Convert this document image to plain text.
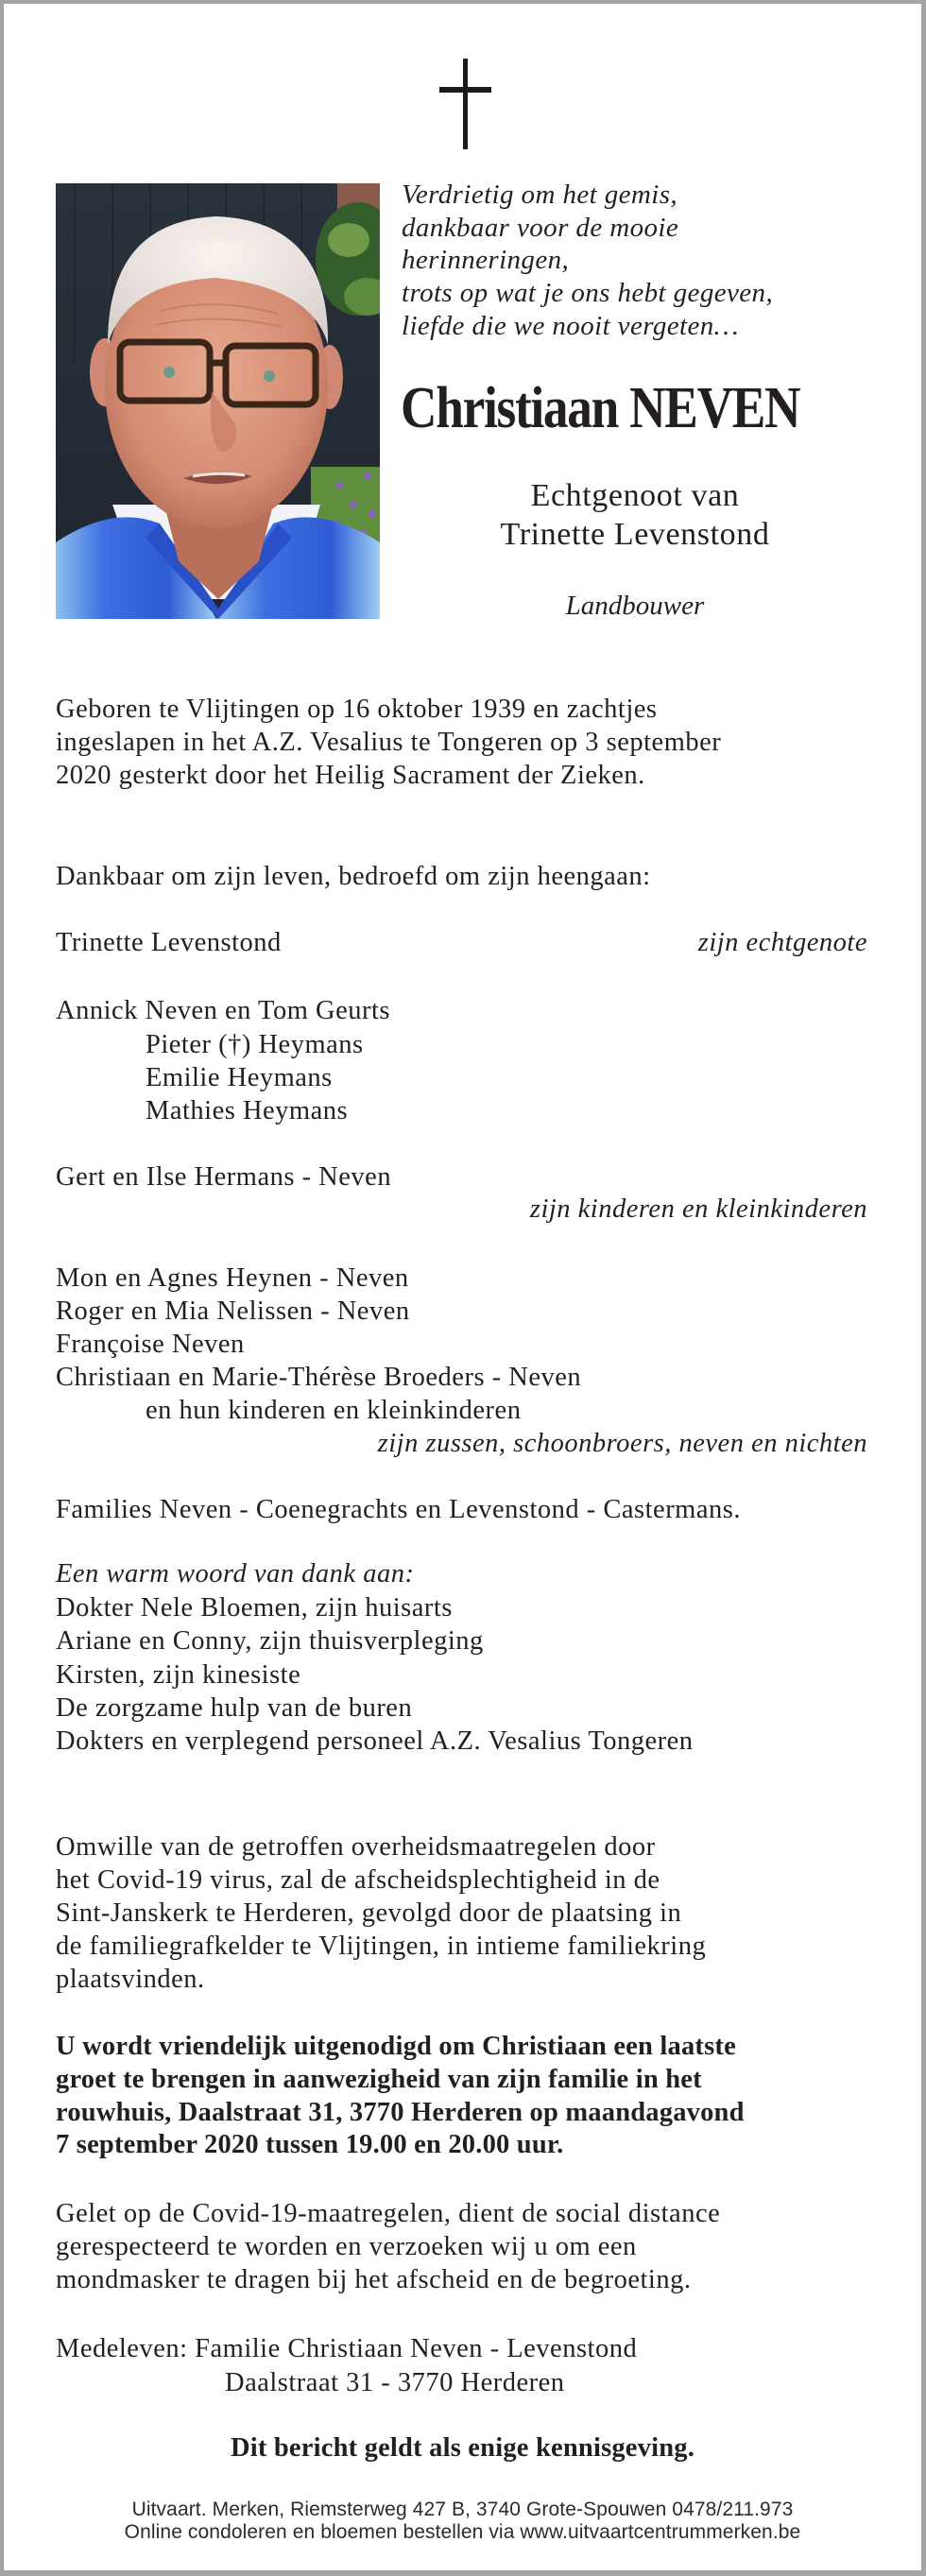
Verdrietig om het gemis,
dankbaar voor de mooie
herinneringen,
trots op wat je ons hebt gegeven,
liefde die we nooit vergeten…
Christiaan NEVEN
Echtgenoot van
Trinette Levenstond
Landbouwer
Geboren te Vlijtingen op 16 oktober 1939 en zachtjes
ingeslapen in het A.Z. Vesalius te Tongeren op 3 september
2020 gesterkt door het Heilig Sacrament der Zieken.
Dankbaar om zijn leven, bedroefd om zijn heengaan:
Trinette Levenstond	zijn echtgenote
Annick Neven en Tom Geurts
Pieter (†) Heymans
Emilie Heymans
Mathies Heymans
Gert en Ilse Hermans - Neven
zijn kinderen en kleinkinderen
Mon en Agnes Heynen - Neven
Roger en Mia Nelissen - Neven
Françoise Neven
Christiaan en Marie-Thérèse Broeders - Neven
en hun kinderen en kleinkinderen
zijn zussen, schoonbroers, neven en nichten
Families Neven - Coenegrachts en Levenstond - Castermans.
Een warm woord van dank aan:
Dokter Nele Bloemen, zijn huisarts
Ariane en Conny, zijn thuisverpleging
Kirsten, zijn kinesiste
De zorgzame hulp van de buren
Dokters en verplegend personeel A.Z. Vesalius Tongeren
Omwille van de getroffen overheidsmaatregelen door
het Covid-19 virus, zal de afscheidsplechtigheid in de
Sint-Janskerk te Herderen, gevolgd door de plaatsing in
de familiegrafkelder te Vlijtingen, in intieme familiekring
plaatsvinden.
U wordt vriendelijk uitgenodigd om Christiaan een laatste
groet te brengen in aanwezigheid van zijn familie in het
rouwhuis, Daalstraat 31, 3770 Herderen op maandagavond
7 september 2020 tussen 19.00 en 20.00 uur.
Gelet op de Covid-19-maatregelen, dient de social distance
gerespecteerd te worden en verzoeken wij u om een
mondmasker te dragen bij het afscheid en de begroeting.
Medeleven: Familie Christiaan Neven - Levenstond
Daalstraat 31 - 3770 Herderen
Dit bericht geldt als enige kennisgeving.
Uitvaart. Merken, Riemsterweg 427 B, 3740 Grote-Spouwen 0478/211.973
Online condoleren en bloemen bestellen via www.uitvaartcentrummerken.be
